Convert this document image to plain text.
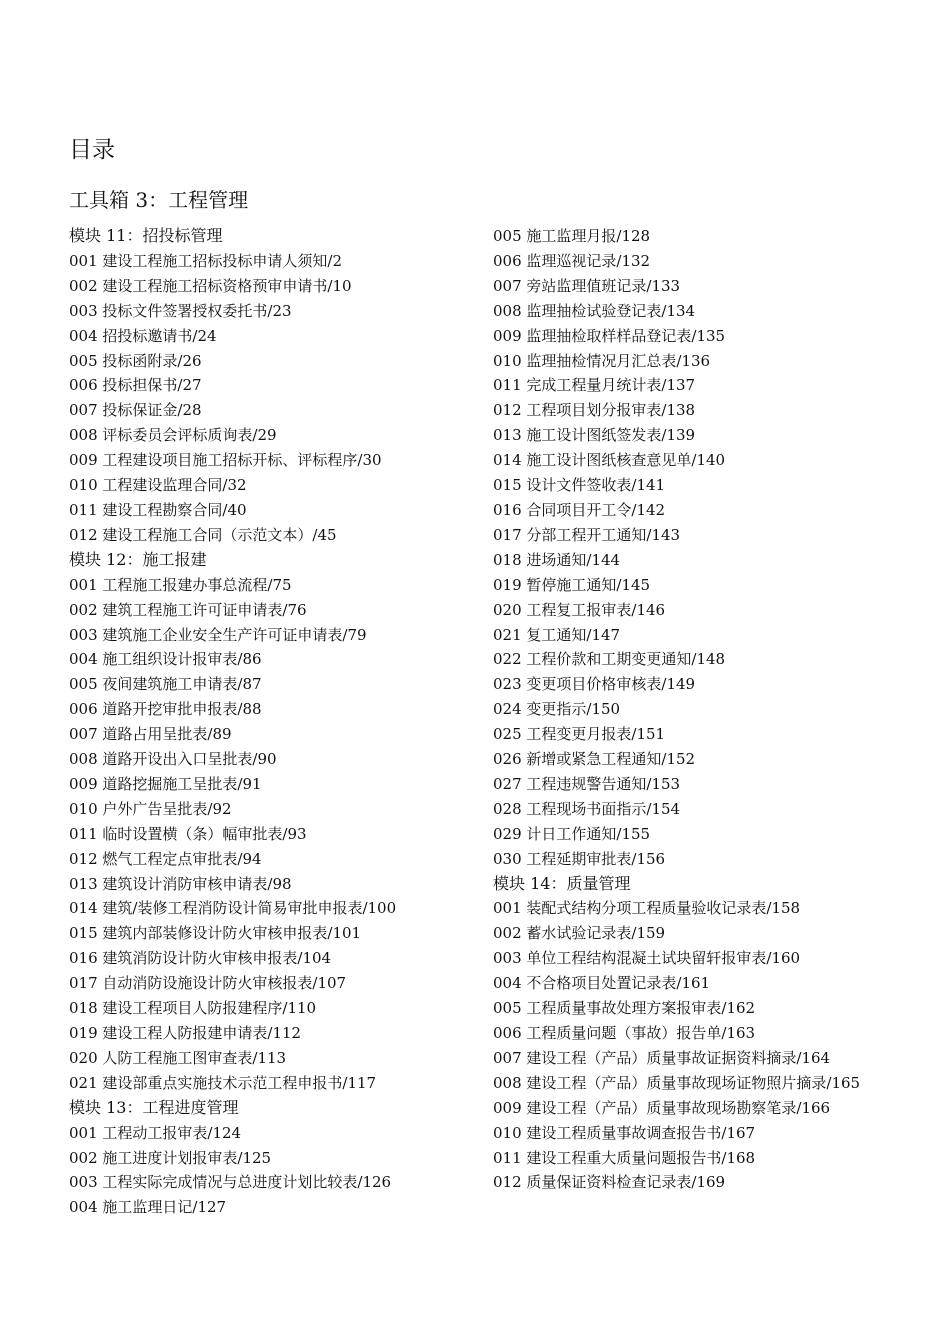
目录
工具箱 3：工程管理
模块 11：招投标管理
001 建设工程施工招标投标申请人须知/2
002 建设工程施工招标资格预审申请书/10
003 投标文件签署授权委托书/23
004 招投标邀请书/24
005 投标函附录/26
006 投标担保书/27
007 投标保证金/28
008 评标委员会评标质询表/29
009 工程建设项目施工招标开标、评标程序/30
010 工程建设监理合同/32
011 建设工程勘察合同/40
012 建设工程施工合同（示范文本）/45
模块 12：施工报建
001 工程施工报建办事总流程/75
002 建筑工程施工许可证申请表/76
003 建筑施工企业安全生产许可证申请表/79
004 施工组织设计报审表/86
005 夜间建筑施工申请表/87
006 道路开挖审批申报表/88
007 道路占用呈批表/89
008 道路开设出入口呈批表/90
009 道路挖掘施工呈批表/91
010 户外广告呈批表/92
011 临时设置横（条）幅审批表/93
012 燃气工程定点审批表/94
013 建筑设计消防审核申请表/98
014 建筑/装修工程消防设计简易审批申报表/100
015 建筑内部装修设计防火审核申报表/101
016 建筑消防设计防火审核申报表/104
017 自动消防设施设计防火审核报表/107
018 建设工程项目人防报建程序/110
019 建设工程人防报建申请表/112
020 人防工程施工图审查表/113
021 建设部重点实施技术示范工程申报书/117
模块 13：工程进度管理
001 工程动工报审表/124
002 施工进度计划报审表/125
003 工程实际完成情况与总进度计划比较表/126
004 施工监理日记/127
005 施工监理月报/128
006 监理巡视记录/132
007 旁站监理值班记录/133
008 监理抽检试验登记表/134
009 监理抽检取样样品登记表/135
010 监理抽检情况月汇总表/136
011 完成工程量月统计表/137
012 工程项目划分报审表/138
013 施工设计图纸签发表/139
014 施工设计图纸核查意见单/140
015 设计文件签收表/141
016 合同项目开工令/142
017 分部工程开工通知/143
018 进场通知/144
019 暂停施工通知/145
020 工程复工报审表/146
021 复工通知/147
022 工程价款和工期变更通知/148
023 变更项目价格审核表/149
024 变更指示/150
025 工程变更月报表/151
026 新增或紧急工程通知/152
027 工程违规警告通知/153
028 工程现场书面指示/154
029 计日工作通知/155
030 工程延期审批表/156
模块 14：质量管理
001 装配式结构分项工程质量验收记录表/158
002 蓄水试验记录表/159
003 单位工程结构混凝土试块留轩报审表/160
004 不合格项目处置记录表/161
005 工程质量事故处理方案报审表/162
006 工程质量问题（事故）报告单/163
007 建设工程（产品）质量事故证据资料摘录/164
008 建设工程（产品）质量事故现场证物照片摘录/165
009 建设工程（产品）质量事故现场勘察笔录/166
010 建设工程质量事故调查报告书/167
011 建设工程重大质量问题报告书/168
012 质量保证资料检查记录表/169
